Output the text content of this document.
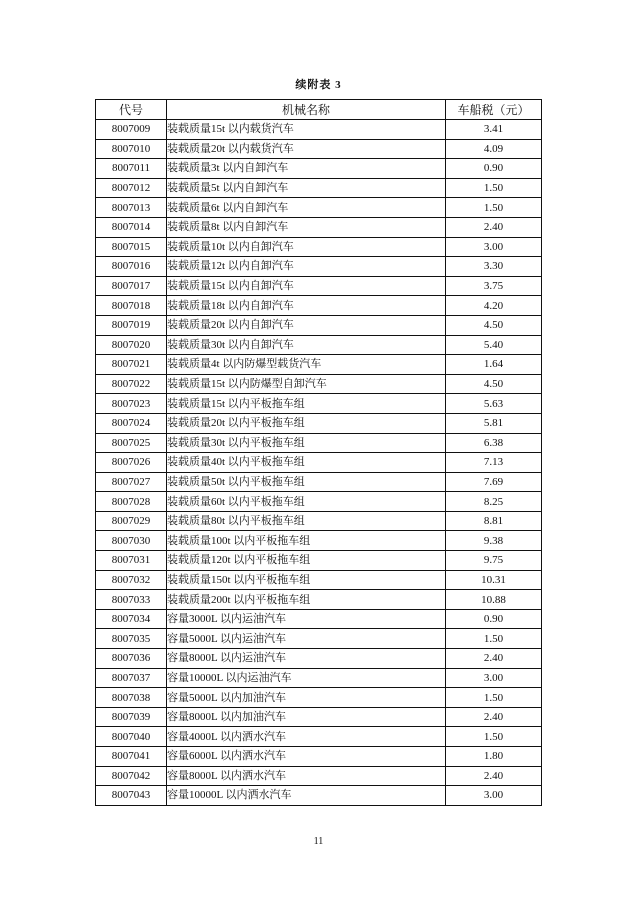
续附表 3
代号	机械名称	车船税（元）
8007009	装载质量15t 以内载货汽车	3.41
8007010	装载质量20t 以内载货汽车	4.09
8007011	装载质量3t 以内自卸汽车	0.90
8007012	装载质量5t 以内自卸汽车	1.50
8007013	装载质量6t 以内自卸汽车	1.50
8007014	装载质量8t 以内自卸汽车	2.40
8007015	装载质量10t 以内自卸汽车	3.00
8007016	装载质量12t 以内自卸汽车	3.30
8007017	装载质量15t 以内自卸汽车	3.75
8007018	装载质量18t 以内自卸汽车	4.20
8007019	装载质量20t 以内自卸汽车	4.50
8007020	装载质量30t 以内自卸汽车	5.40
8007021	装载质量4t 以内防爆型载货汽车	1.64
8007022	装载质量15t 以内防爆型自卸汽车	4.50
8007023	装载质量15t 以内平板拖车组	5.63
8007024	装载质量20t 以内平板拖车组	5.81
8007025	装载质量30t 以内平板拖车组	6.38
8007026	装载质量40t 以内平板拖车组	7.13
8007027	装载质量50t 以内平板拖车组	7.69
8007028	装载质量60t 以内平板拖车组	8.25
8007029	装载质量80t 以内平板拖车组	8.81
8007030	装载质量100t 以内平板拖车组	9.38
8007031	装载质量120t 以内平板拖车组	9.75
8007032	装载质量150t 以内平板拖车组	10.31
8007033	装载质量200t 以内平板拖车组	10.88
8007034	容量3000L 以内运油汽车	0.90
8007035	容量5000L 以内运油汽车	1.50
8007036	容量8000L 以内运油汽车	2.40
8007037	容量10000L 以内运油汽车	3.00
8007038	容量5000L 以内加油汽车	1.50
8007039	容量8000L 以内加油汽车	2.40
8007040	容量4000L 以内洒水汽车	1.50
8007041	容量6000L 以内洒水汽车	1.80
8007042	容量8000L 以内洒水汽车	2.40
8007043	容量10000L 以内洒水汽车	3.00
11
